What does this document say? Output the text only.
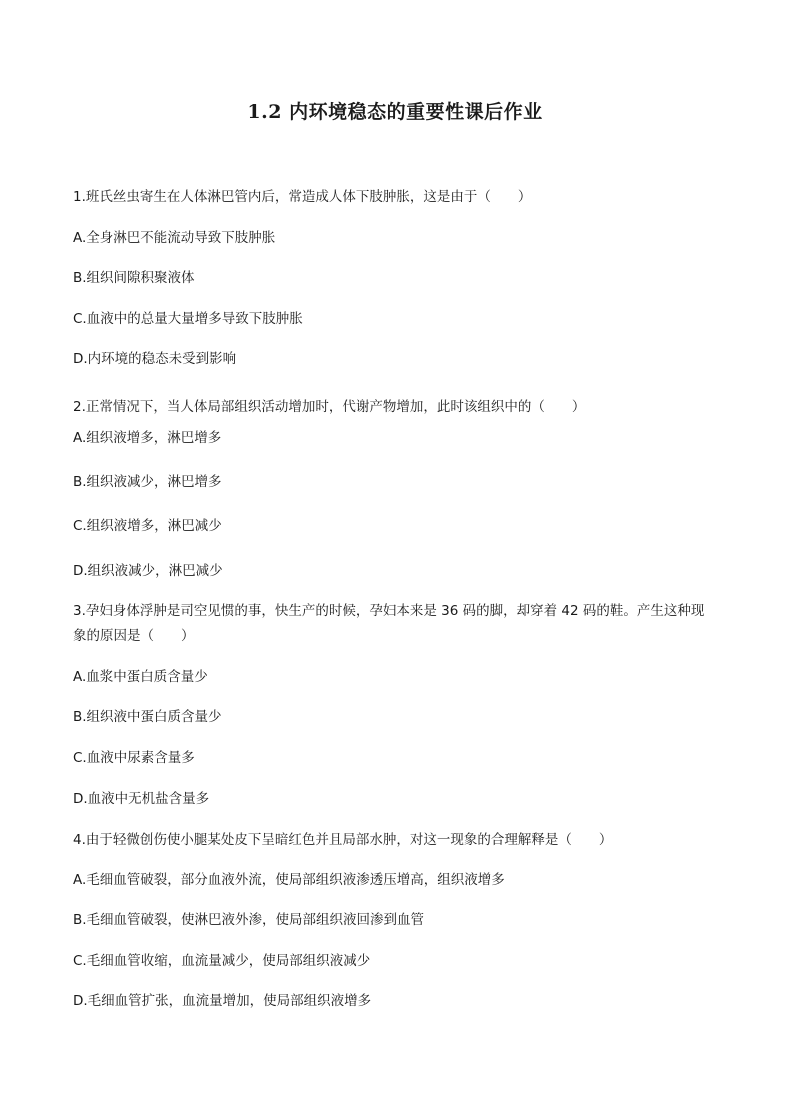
1.2 内环境稳态的重要性课后作业
1.班氏丝虫寄生在人体淋巴管内后，常造成人体下肢肿胀，这是由于（　　）
A.全身淋巴不能流动导致下肢肿胀
B.组织间隙积聚液体
C.血液中的总量大量增多导致下肢肿胀
D.内环境的稳态未受到影响
2.正常情况下，当人体局部组织活动增加时，代谢产物增加，此时该组织中的（　　）
A.组织液增多，淋巴增多
B.组织液减少，淋巴增多
C.组织液增多，淋巴减少
D.组织液减少，淋巴减少
3.孕妇身体浮肿是司空见惯的事，快生产的时候，孕妇本来是 36 码的脚，却穿着 42 码的鞋。产生这种现
象的原因是（　　）
A.血浆中蛋白质含量少
B.组织液中蛋白质含量少
C.血液中尿素含量多
D.血液中无机盐含量多
4.由于轻微创伤使小腿某处皮下呈暗红色并且局部水肿，对这一现象的合理解释是（　　）
A.毛细血管破裂，部分血液外流，使局部组织液渗透压增高，组织液增多
B.毛细血管破裂，使淋巴液外渗，使局部组织液回渗到血管
C.毛细血管收缩，血流量减少，使局部组织液减少
D.毛细血管扩张，血流量增加，使局部组织液增多
